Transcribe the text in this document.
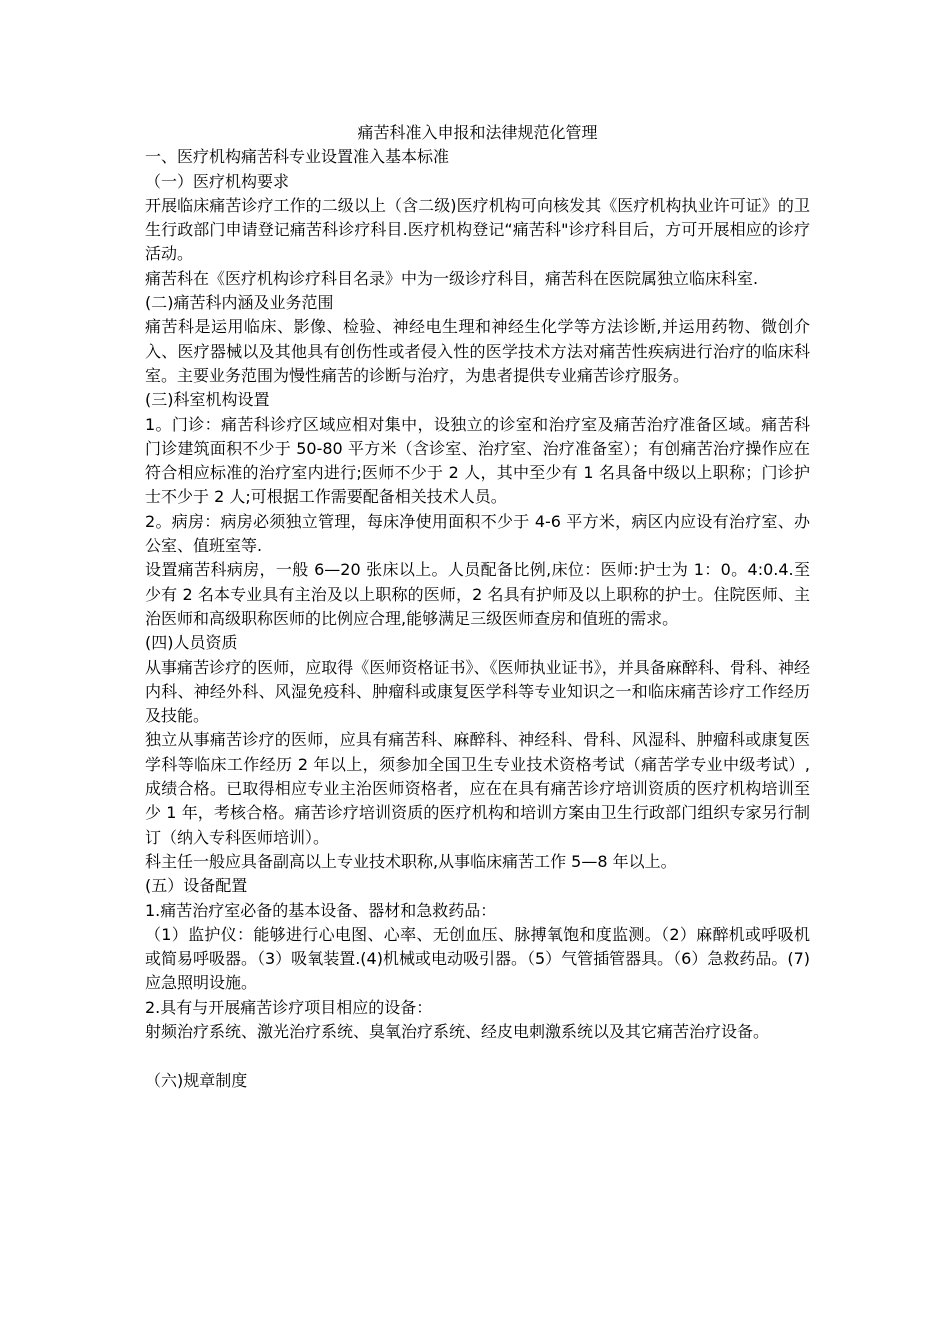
痛苦科准入申报和法律规范化管理

一、医疗机构痛苦科专业设置准入基本标准

（一）医疗机构要求

开展临床痛苦诊疗工作的二级以上（含二级)医疗机构可向核发其《医疗机构执业许可证》的卫生行政部门申请登记痛苦科诊疗科目.医疗机构登记“痛苦科"诊疗科目后，方可开展相应的诊疗活动。

痛苦科在《医疗机构诊疗科目名录》中为一级诊疗科目，痛苦科在医院属独立临床科室.

(二)痛苦科内涵及业务范围

痛苦科是运用临床、影像、检验、神经电生理和神经生化学等方法诊断,并运用药物、微创介入、医疗器械以及其他具有创伤性或者侵入性的医学技术方法对痛苦性疾病进行治疗的临床科室。主要业务范围为慢性痛苦的诊断与治疗，为患者提供专业痛苦诊疗服务。

(三)科室机构设置

1。门诊：痛苦科诊疗区域应相对集中，设独立的诊室和治疗室及痛苦治疗准备区域。痛苦科门诊建筑面积不少于 50-80 平方米（含诊室、治疗室、治疗准备室）；有创痛苦治疗操作应在符合相应标准的治疗室内进行;医师不少于 2 人，其中至少有 1 名具备中级以上职称；门诊护士不少于 2 人;可根据工作需要配备相关技术人员。

2。病房：病房必须独立管理，每床净使用面积不少于 4-6 平方米，病区内应设有治疗室、办公室、值班室等.

设置痛苦科病房，一般 6—20 张床以上。人员配备比例,床位：医师:护士为 1：0。4:0.4.至少有 2 名本专业具有主治及以上职称的医师，2 名具有护师及以上职称的护士。住院医师、主治医师和高级职称医师的比例应合理,能够满足三级医师查房和值班的需求。

(四)人员资质

从事痛苦诊疗的医师，应取得《医师资格证书》、《医师执业证书》，并具备麻醉科、骨科、神经内科、神经外科、风湿免疫科、肿瘤科或康复医学科等专业知识之一和临床痛苦诊疗工作经历及技能。

独立从事痛苦诊疗的医师，应具有痛苦科、麻醉科、神经科、骨科、风湿科、肿瘤科或康复医学科等临床工作经历 2 年以上，须参加全国卫生专业技术资格考试（痛苦学专业中级考试）,成绩合格。已取得相应专业主治医师资格者，应在在具有痛苦诊疗培训资质的医疗机构培训至少 1 年，考核合格。痛苦诊疗培训资质的医疗机构和培训方案由卫生行政部门组织专家另行制订（纳入专科医师培训）。

科主任一般应具备副高以上专业技术职称,从事临床痛苦工作 5—8 年以上。

(五）设备配置

1.痛苦治疗室必备的基本设备、器材和急救药品：

（1）监护仪：能够进行心电图、心率、无创血压、脉搏氧饱和度监测。（2）麻醉机或呼吸机或简易呼吸器。（3）吸氧装置.(4)机械或电动吸引器。（5）气管插管器具。（6）急救药品。(7)应急照明设施。

2.具有与开展痛苦诊疗项目相应的设备：

射频治疗系统、激光治疗系统、臭氧治疗系统、经皮电刺激系统以及其它痛苦治疗设备。

（六)规章制度
